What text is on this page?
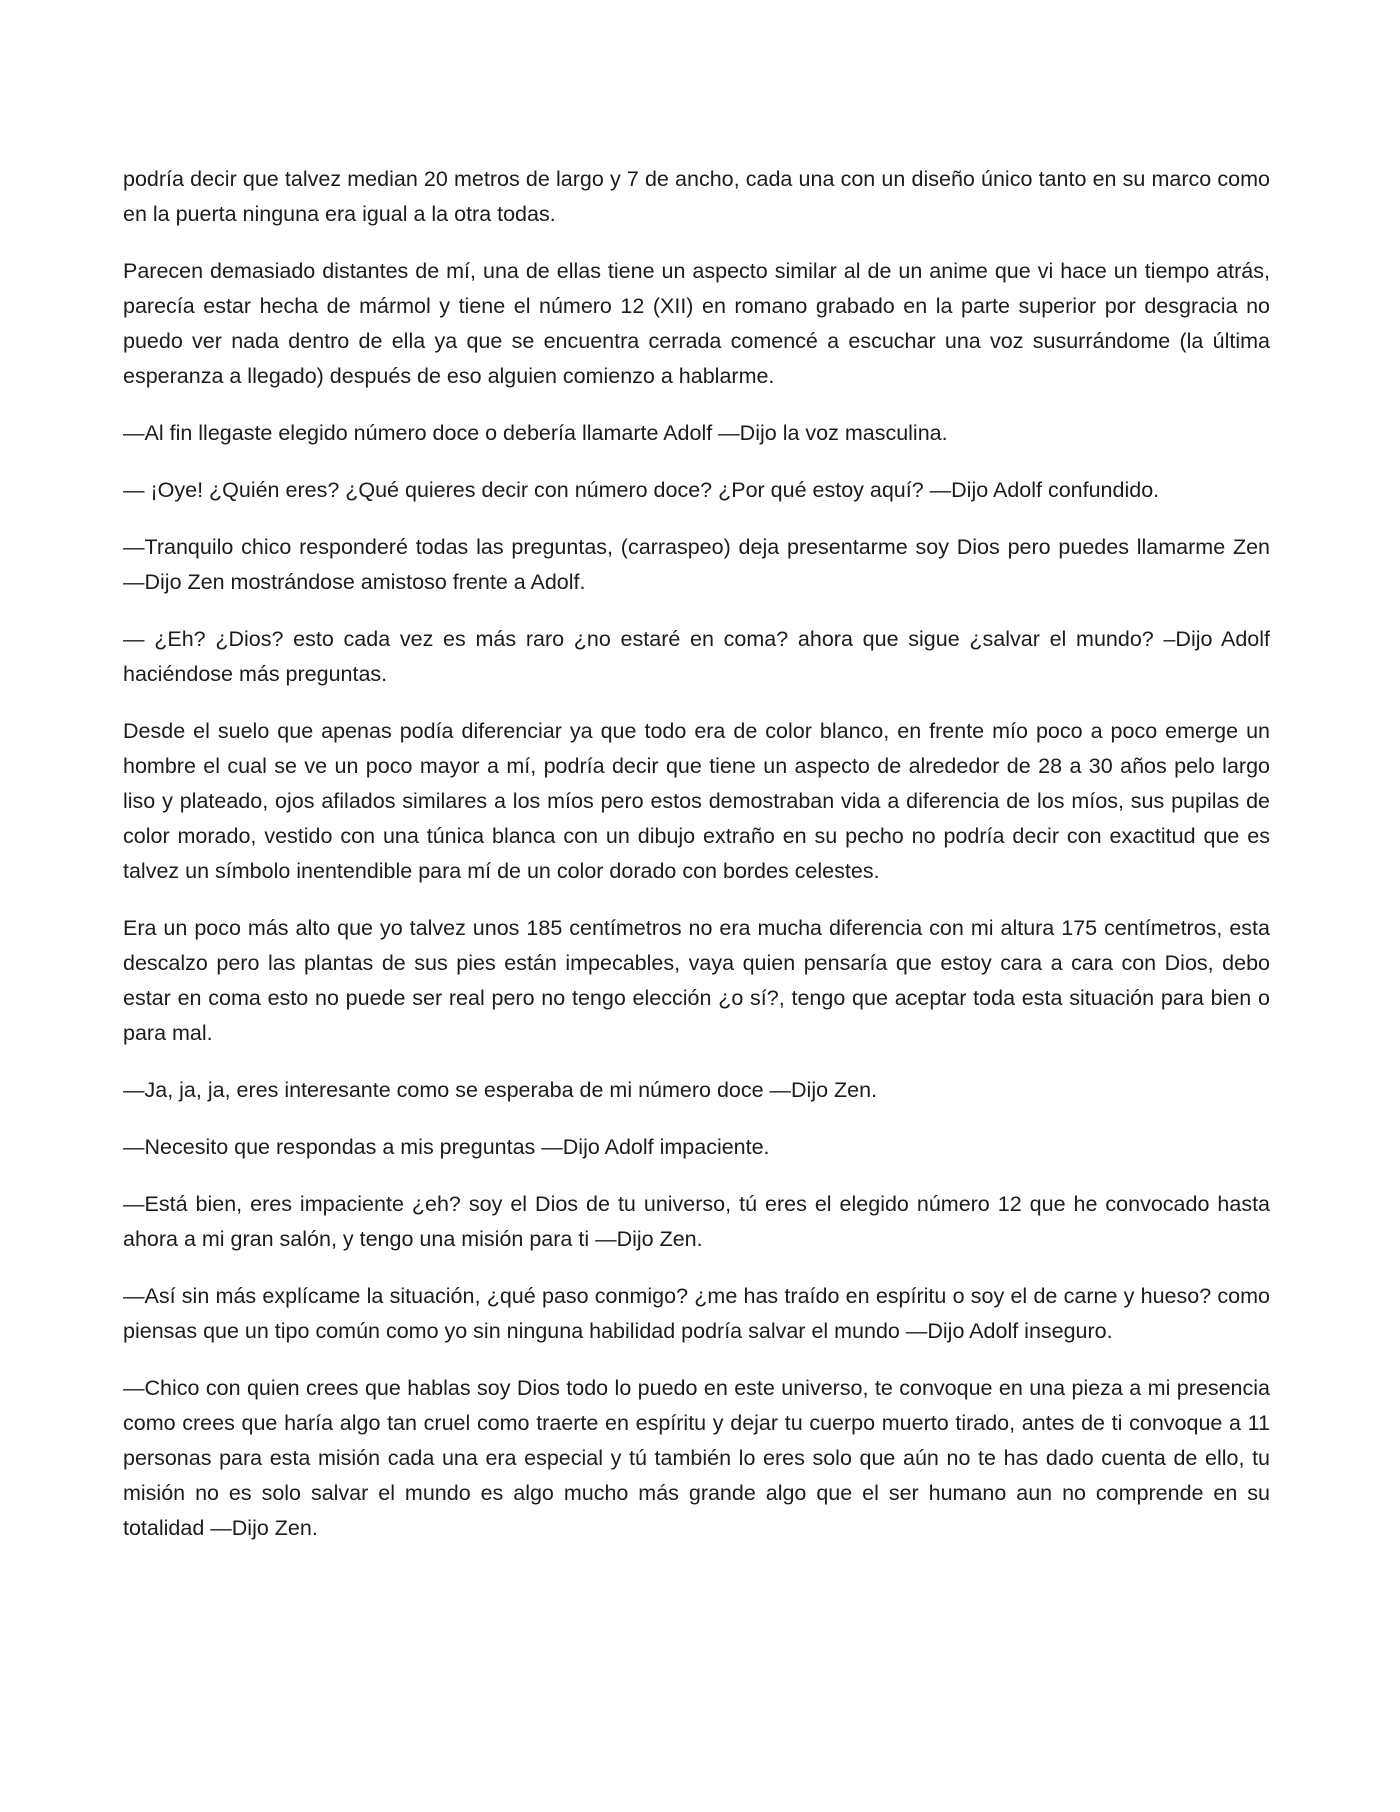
podría decir que talvez median 20 metros de largo y 7 de ancho, cada una con un diseño único tanto en su marco como en la puerta ninguna era igual a la otra todas.

Parecen demasiado distantes de mí, una de ellas tiene un aspecto similar al de un anime que vi hace un tiempo atrás, parecía estar hecha de mármol y tiene el número 12 (XII) en romano grabado en la parte superior por desgracia no puedo ver nada dentro de ella ya que se encuentra cerrada comencé a escuchar una voz susurrándome (la última esperanza a llegado) después de eso alguien comienzo a hablarme.

—Al fin llegaste elegido número doce o debería llamarte Adolf —Dijo la voz masculina.

— ¡Oye! ¿Quién eres? ¿Qué quieres decir con número doce? ¿Por qué estoy aquí? —Dijo Adolf confundido.

—Tranquilo chico responderé todas las preguntas, (carraspeo) deja presentarme soy Dios pero puedes llamarme Zen —Dijo Zen mostrándose amistoso frente a Adolf.

— ¿Eh? ¿Dios? esto cada vez es más raro ¿no estaré en coma? ahora que sigue ¿salvar el mundo? –Dijo Adolf haciéndose más preguntas.

Desde el suelo que apenas podía diferenciar ya que todo era de color blanco, en frente mío poco a poco emerge un hombre el cual se ve un poco mayor a mí, podría decir que tiene un aspecto de alrededor de 28 a 30 años pelo largo liso y plateado, ojos afilados similares a los míos pero estos demostraban vida a diferencia de los míos, sus pupilas de color morado, vestido con una túnica blanca con un dibujo extraño en su pecho no podría decir con exactitud que es talvez un símbolo inentendible para mí de un color dorado con bordes celestes.

Era un poco más alto que yo talvez unos 185 centímetros no era mucha diferencia con mi altura 175 centímetros, esta descalzo pero las plantas de sus pies están impecables, vaya quien pensaría que estoy cara a cara con Dios, debo estar en coma esto no puede ser real pero no tengo elección ¿o sí?, tengo que aceptar toda esta situación para bien o para mal.

—Ja, ja, ja, eres interesante como se esperaba de mi número doce —Dijo Zen.

—Necesito que respondas a mis preguntas —Dijo Adolf impaciente.

—Está bien, eres impaciente ¿eh? soy el Dios de tu universo, tú eres el elegido número 12 que he convocado hasta ahora a mi gran salón, y tengo una misión para ti —Dijo Zen.

—Así sin más explícame la situación, ¿qué paso conmigo? ¿me has traído en espíritu o soy el de carne y hueso? como piensas que un tipo común como yo sin ninguna habilidad podría salvar el mundo —Dijo Adolf inseguro.

—Chico con quien crees que hablas soy Dios todo lo puedo en este universo, te convoque en una pieza a mi presencia como crees que haría algo tan cruel como traerte en espíritu y dejar tu cuerpo muerto tirado, antes de ti convoque a 11 personas para esta misión cada una era especial y tú también lo eres solo que aún no te has dado cuenta de ello, tu misión no es solo salvar el mundo es algo mucho más grande algo que el ser humano aun no comprende en su totalidad —Dijo Zen.
